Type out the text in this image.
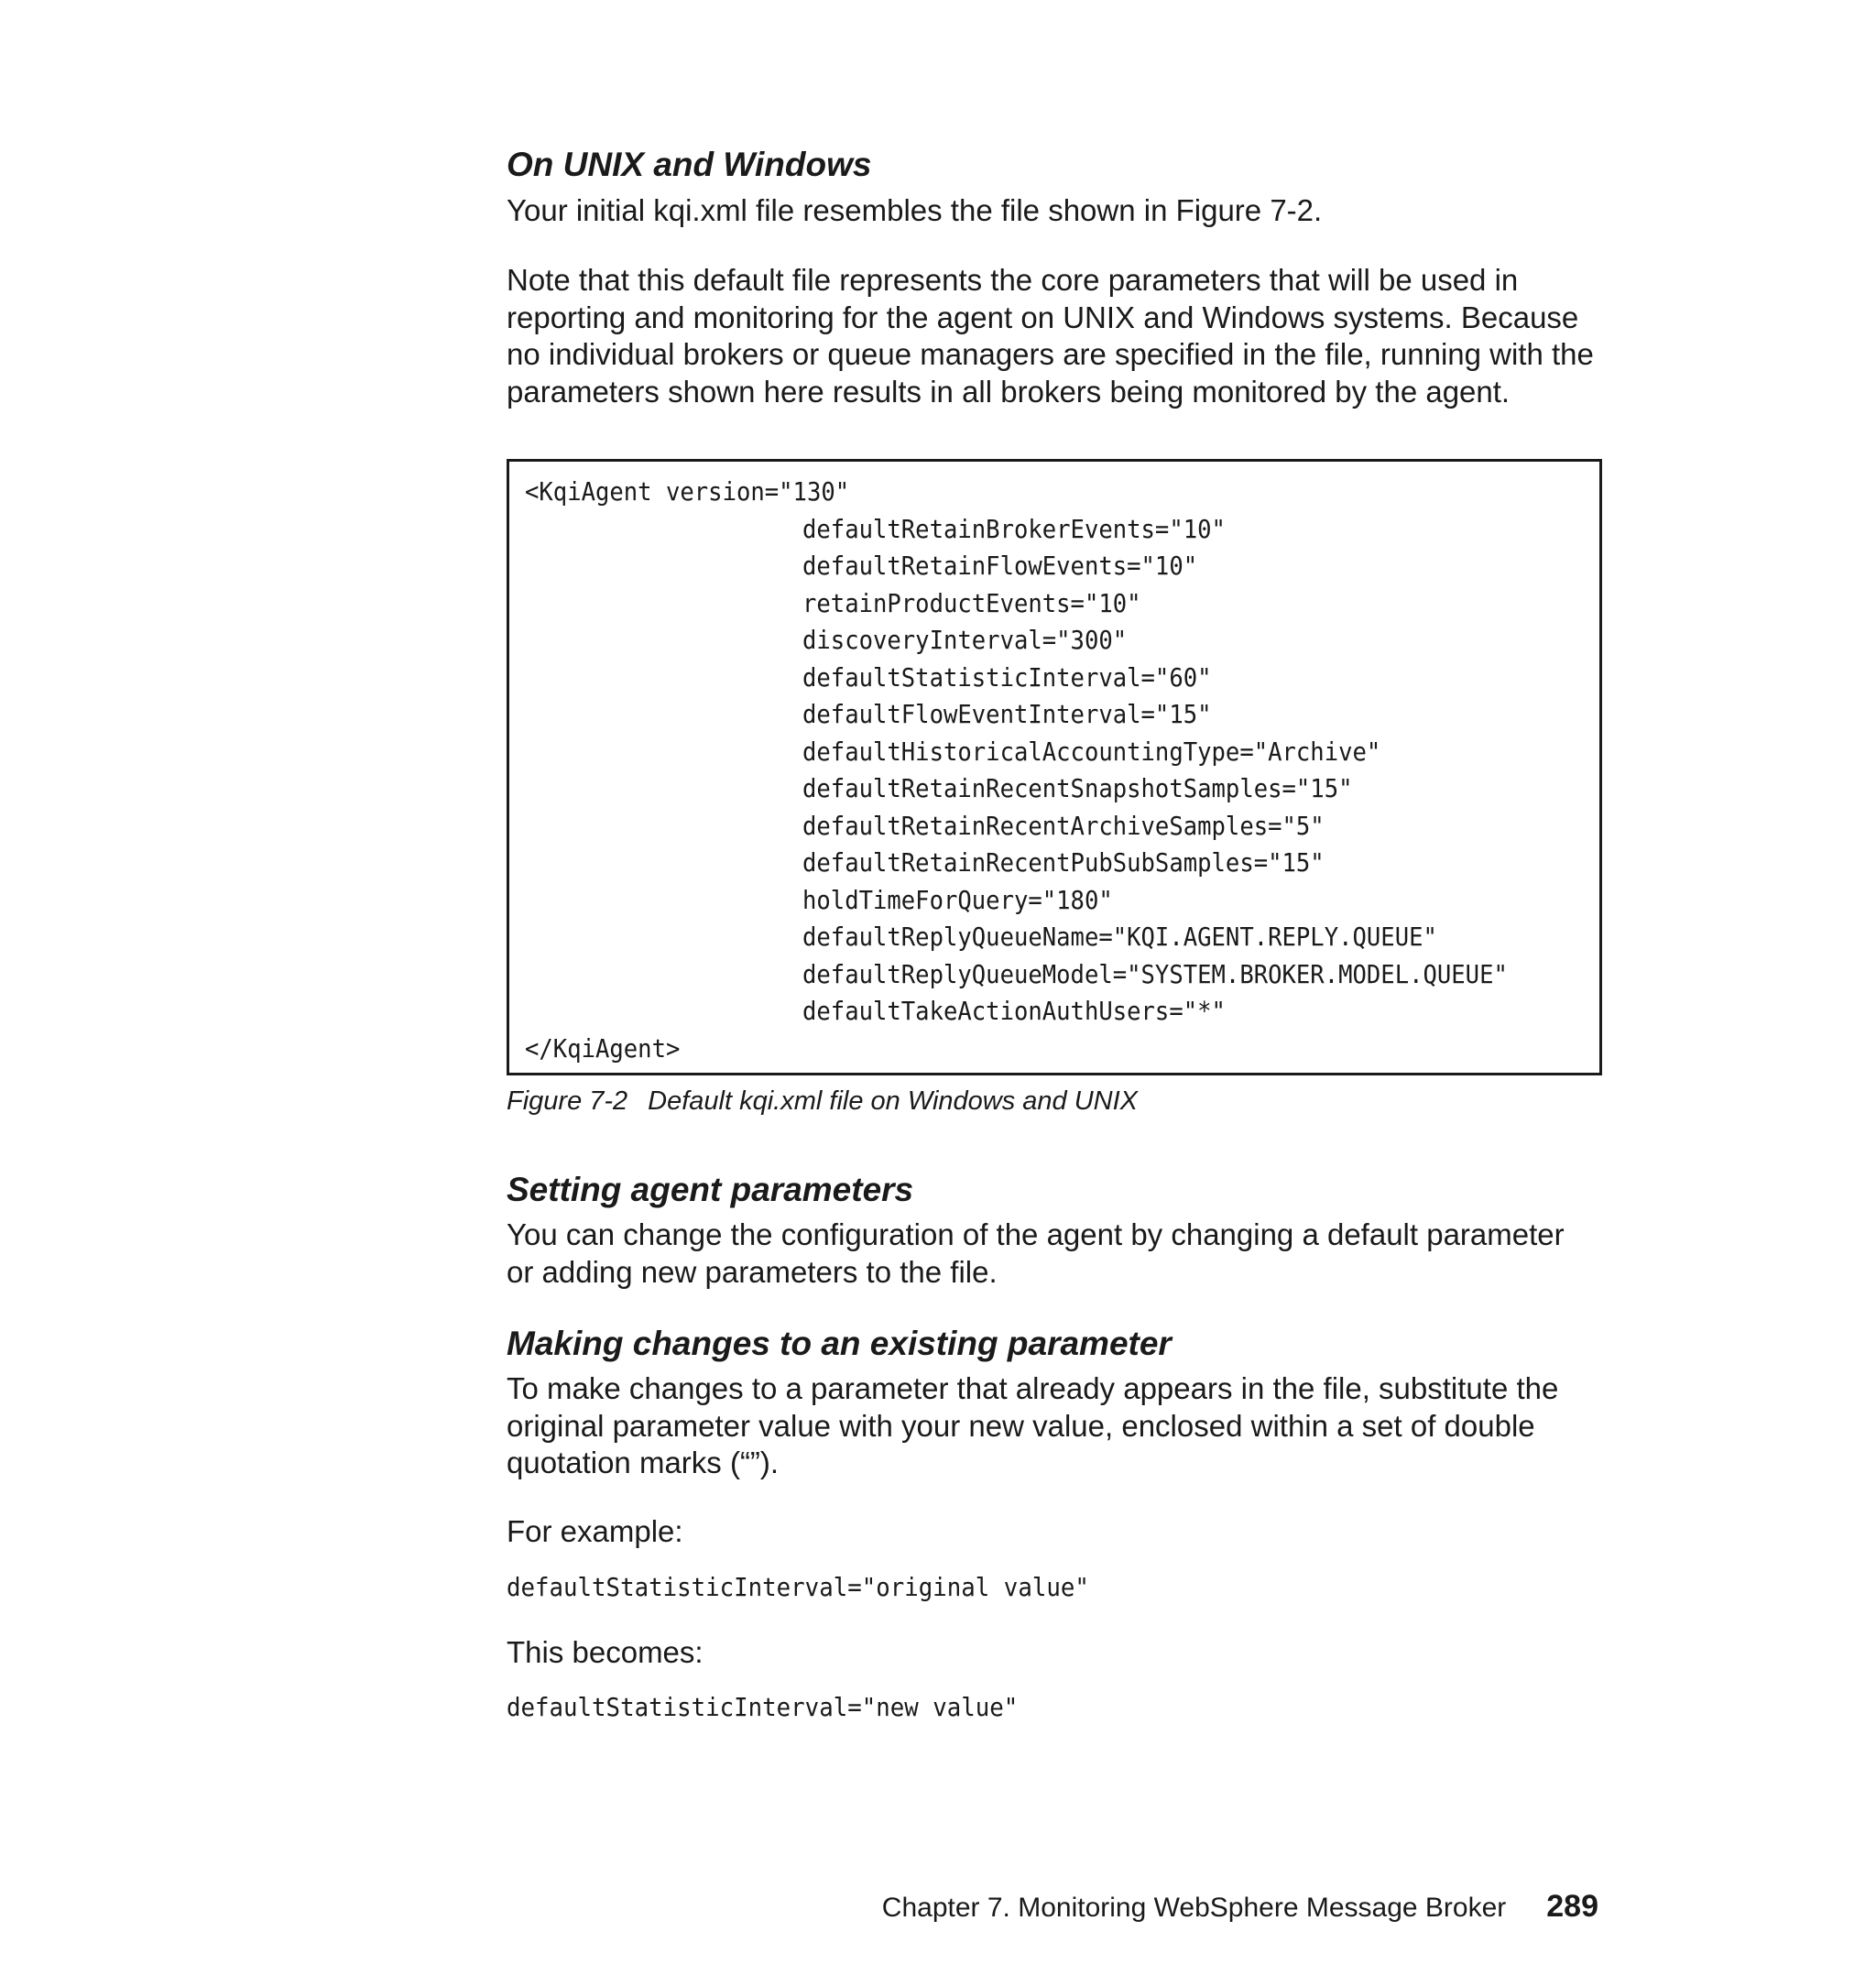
On UNIX and Windows

Your initial kqi.xml file resembles the file shown in Figure 7-2.

Note that this default file represents the core parameters that will be used in

reporting and monitoring for the agent on UNIX and Windows systems. Because

no individual brokers or queue managers are specified in the file, running with the

parameters shown here results in all brokers being monitored by the agent.

<KqiAgent version="130"
defaultRetainBrokerEvents="10"
defaultRetainFlowEvents="10"
retainProductEvents="10"
discoveryInterval="300"
defaultStatisticInterval="60"
defaultFlowEventInterval="15"
defaultHistoricalAccountingType="Archive"
defaultRetainRecentSnapshotSamples="15"
defaultRetainRecentArchiveSamples="5"
defaultRetainRecentPubSubSamples="15"
holdTimeForQuery="180"
defaultReplyQueueName="KQI.AGENT.REPLY.QUEUE"
defaultReplyQueueModel="SYSTEM.BROKER.MODEL.QUEUE"
defaultTakeActionAuthUsers="*"
</KqiAgent>

Figure 7-2 Default kqi.xml file on Windows and UNIX

Setting agent parameters

You can change the configuration of the agent by changing a default parameter

or adding new parameters to the file.

Making changes to an existing parameter

To make changes to a parameter that already appears in the file, substitute the

original parameter value with your new value, enclosed within a set of double

quotation marks (“”).

For example:

defaultStatisticInterval="original value"

This becomes:

defaultStatisticInterval="new value"

Chapter 7. Monitoring WebSphere Message Broker 289
